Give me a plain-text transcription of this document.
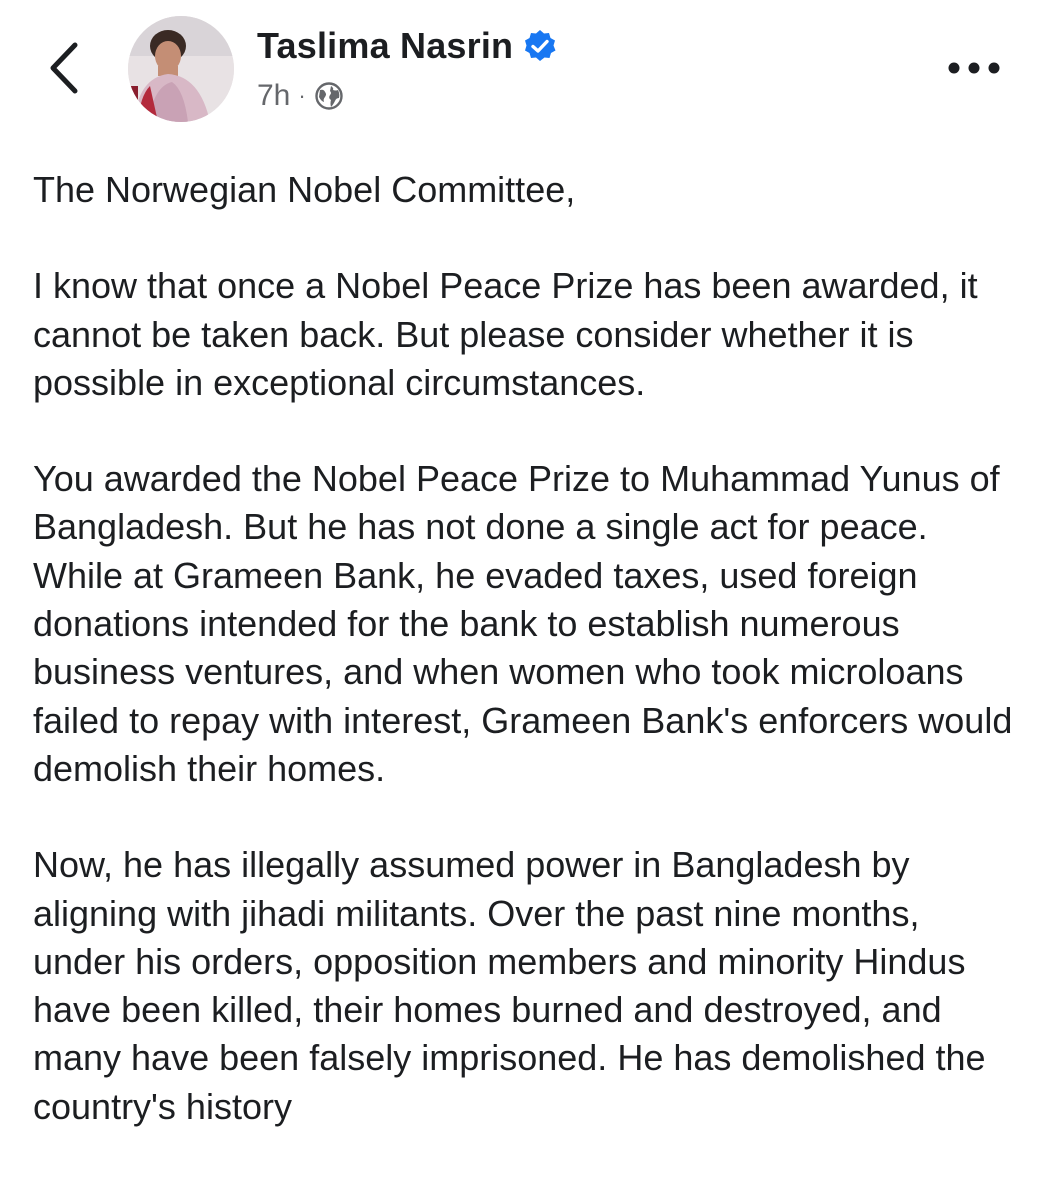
Taslima Nasrin
7h ·

The Norwegian Nobel Committee,

I know that once a Nobel Peace Prize has been awarded, it cannot be taken back. But please consider whether it is possible in exceptional circumstances.

You awarded the Nobel Peace Prize to Muhammad Yunus of Bangladesh. But he has not done a single act for peace. While at Grameen Bank, he evaded taxes, used foreign donations intended for the bank to establish numerous business ventures, and when women who took microloans failed to repay with interest, Grameen Bank's enforcers would demolish their homes.

Now, he has illegally assumed power in Bangladesh by aligning with jihadi militants. Over the past nine months, under his orders, opposition members and minority Hindus have been killed, their homes burned and destroyed, and many have been falsely imprisoned. He has demolished the country's history
